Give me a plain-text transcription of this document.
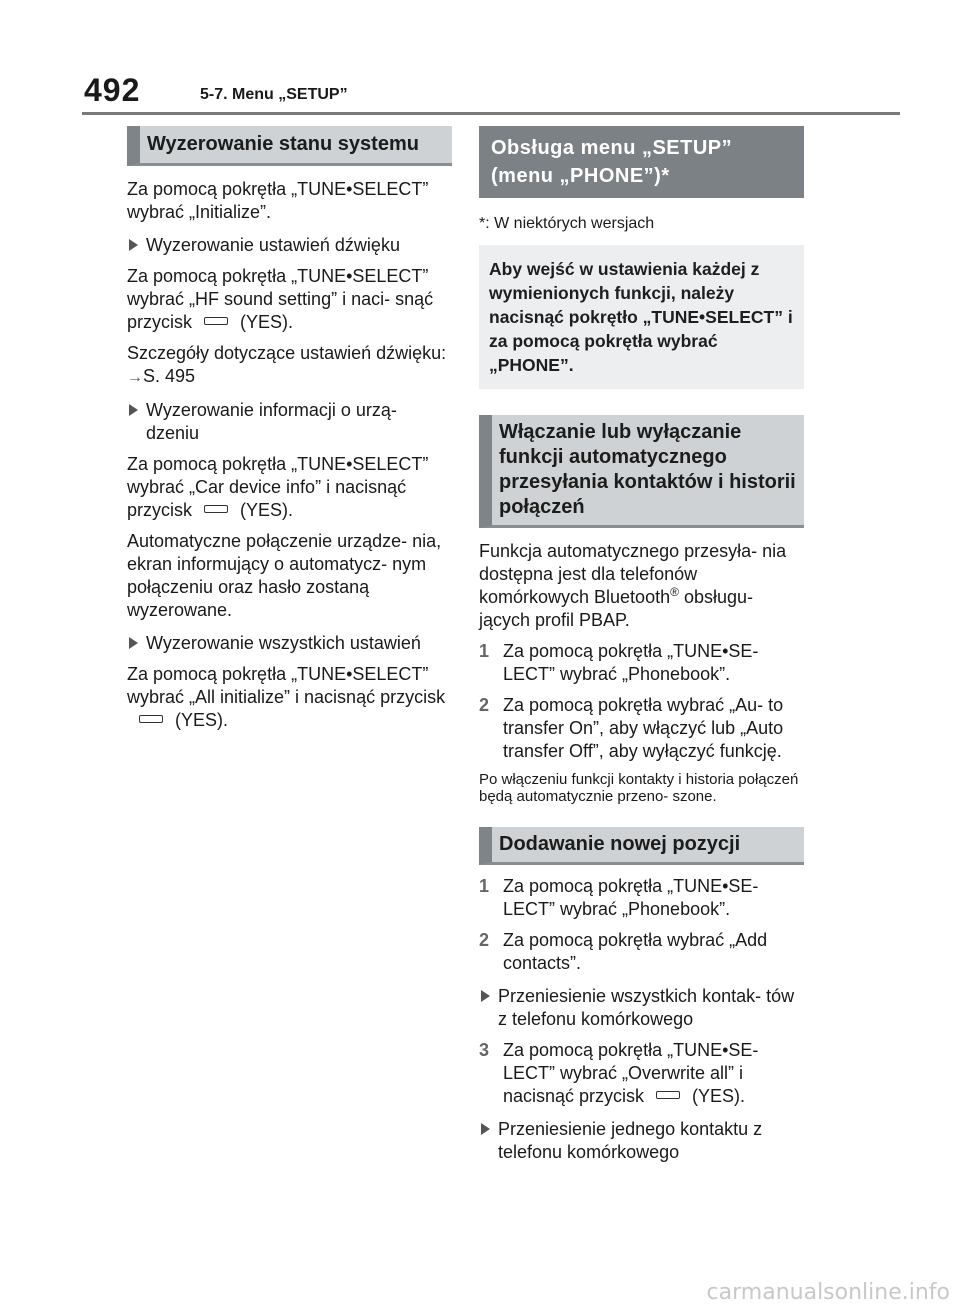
492	5-7. Menu „SETUP”
Wyzerowanie stanu systemu

Za pomocą pokrętła „TUNE•SELECT” wybrać „Initialize”.

Wyzerowanie ustawień dźwięku

Za pomocą pokrętła „TUNE•SELECT” wybrać „HF sound setting” i naci- snąć przycisk	(YES).

Szczegóły dotyczące ustawień dźwięku: →S. 495

Wyzerowanie informacji o urzą- dzeniu

Za pomocą pokrętła „TUNE•SELECT” wybrać „Car device info” i nacisnąć przycisk	(YES).

Automatyczne połączenie urządze- nia, ekran informujący o automatycz- nym połączeniu oraz hasło zostaną wyzerowane.

Wyzerowanie wszystkich ustawień

Za pomocą pokrętła „TUNE•SELECT” wybrać „All initialize” i nacisnąć przycisk(YES).

Obsługa menu „SETUP” (menu „PHONE”)*

*: W niektórych wersjach

Aby wejść w ustawienia każdej z wymienionych funkcji, należy nacisnąć pokrętło „TUNE•SELECT” i za pomocą pokrętła wybrać „PHONE”.
Włączanie lub wyłączanie funkcji automatycznego przesyłania kontaktów i historii połączeń

Funkcja automatycznego przesyła- nia dostępna jest dla telefonów komórkowych Bluetooth® obsługu- jących profil PBAP.

1 Za pomocą pokrętła „TUNE•SE- LECT” wybrać „Phonebook”.
2 Za pomocą pokrętła wybrać „Au- to transfer On”, aby włączyć lub „Auto transfer Off”, aby wyłączyć funkcję.

Po włączeniu funkcji kontakty i historia połączeń będą automatycznie przeno- szone.

Dodawanie nowej pozycji
1 Za pomocą pokrętła „TUNE•SE- LECT” wybrać „Phonebook”.
2 Za pomocą pokrętła wybrać „Add contacts”.
Przeniesienie wszystkich kontak- tów z telefonu komórkowego
3 Za pomocą pokrętła „TUNE•SE- LECT” wybrać „Overwrite all” i nacisnąć przycisk	(YES).
Przeniesienie jednego kontaktu z telefonu komórkowego
carmanualsonline.info
